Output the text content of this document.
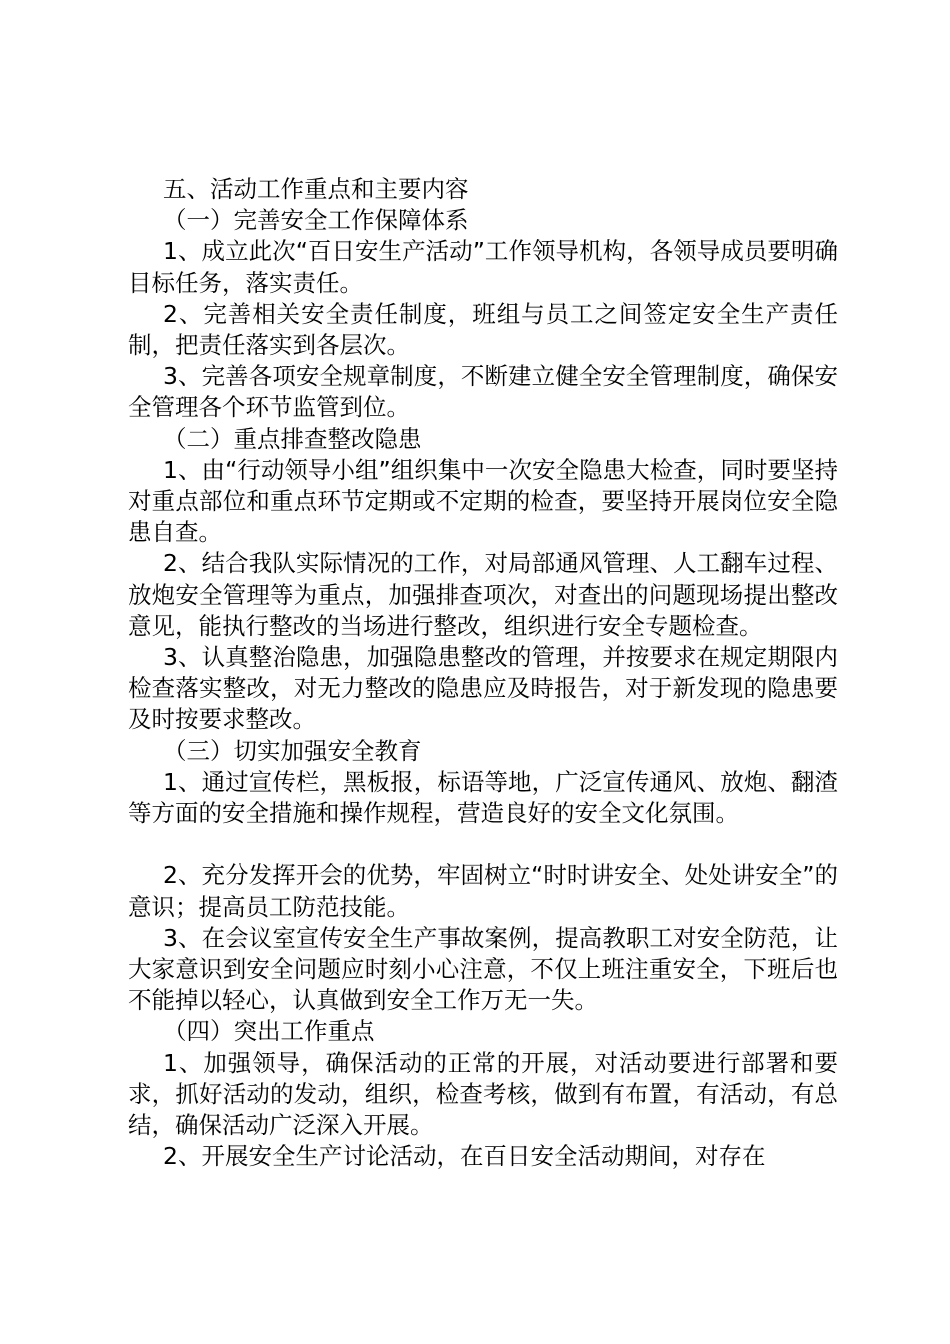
五、活动工作重点和主要内容

（一）完善安全工作保障体系

1、成立此次“百日安生产活动”工作领导机构，各领导成员要明确目标任务，落实责任。

2、完善相关安全责任制度，班组与员工之间签定安全生产责任制，把责任落实到各层次。

3、完善各项安全规章制度，不断建立健全安全管理制度，确保安全管理各个环节监管到位。

（二）重点排查整改隐患

1、由“行动领导小组”组织集中一次安全隐患大检查，同时要坚持对重点部位和重点环节定期或不定期的检查，要坚持开展岗位安全隐患自查。

2、结合我队实际情况的工作，对局部通风管理、人工翻车过程、放炮安全管理等为重点，加强排查项次，对查出的问题现场提出整改意见，能执行整改的当场进行整改，组织进行安全专题检查。

3、认真整治隐患，加强隐患整改的管理，并按要求在规定期限内检查落实整改，对无力整改的隐患应及時报告，对于新发现的隐患要及时按要求整改。

（三）切实加强安全教育

1、通过宣传栏，黑板报，标语等地，广泛宣传通风、放炮、翻渣等方面的安全措施和操作规程，营造良好的安全文化氛围。

2、充分发挥开会的优势，牢固树立“时时讲安全、处处讲安全”的意识；提高员工防范技能。

3、在会议室宣传安全生产事故案例，提高教职工对安全防范，让大家意识到安全问题应时刻小心注意，不仅上班注重安全，下班后也不能掉以轻心，认真做到安全工作万无一失。

（四）突出工作重点

1、加强领导，确保活动的正常的开展，对活动要进行部署和要求，抓好活动的发动，组织，检查考核，做到有布置，有活动，有总结，确保活动广泛深入开展。

2、开展安全生产讨论活动，在百日安全活动期间，对存在
